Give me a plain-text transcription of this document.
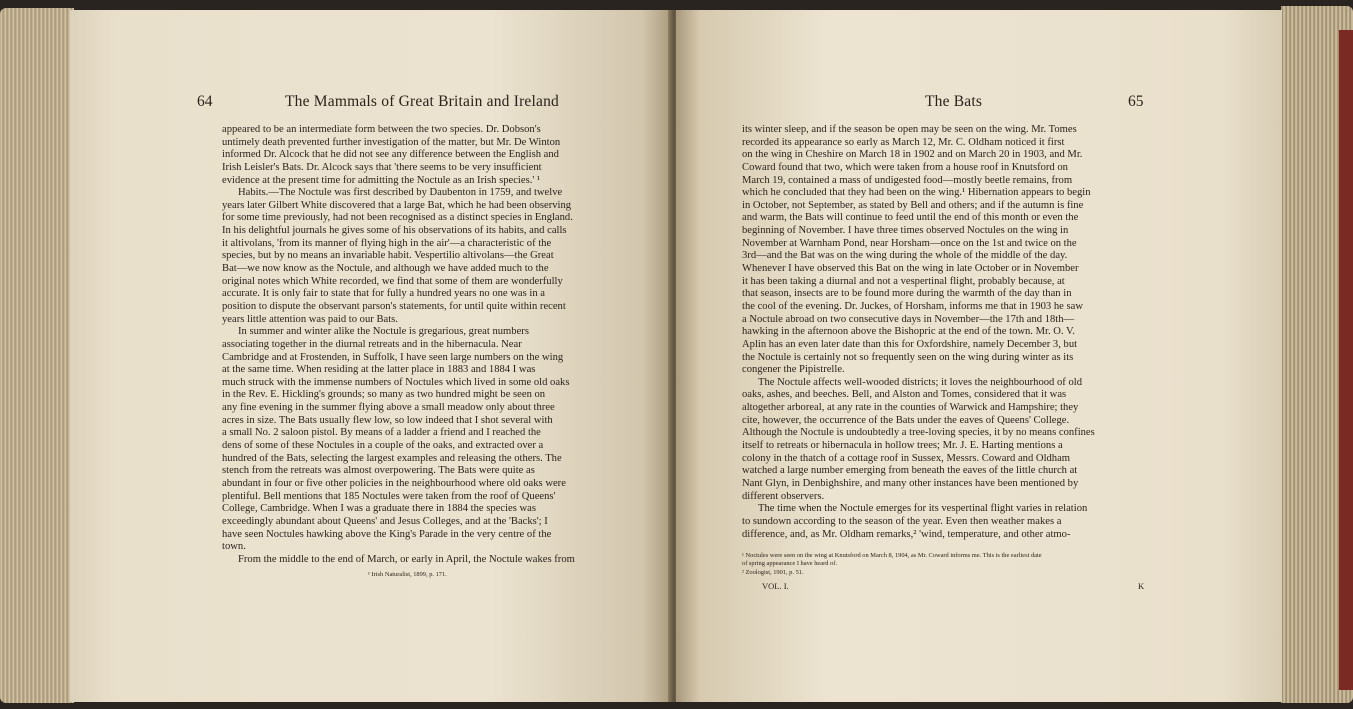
64	The Mammals of Great Britain and Ireland
appeared to be an intermediate form between the two species. Dr. Dobson's
untimely death prevented further investigation of the matter, but Mr. De Winton
informed Dr. Alcock that he did not see any difference between the English and
Irish Leisler's Bats. Dr. Alcock says that 'there seems to be very insufficient
evidence at the present time for admitting the Noctule as an Irish species.' ¹
Habits.—The Noctule was first described by Daubenton in 1759, and twelve
years later Gilbert White discovered that a large Bat, which he had been observing
for some time previously, had not been recognised as a distinct species in England.
In his delightful journals he gives some of his observations of its habits, and calls
it altivolans, 'from its manner of flying high in the air'—a characteristic of the
species, but by no means an invariable habit. Vespertilio altivolans—the Great
Bat—we now know as the Noctule, and although we have added much to the
original notes which White recorded, we find that some of them are wonderfully
accurate. It is only fair to state that for fully a hundred years no one was in a
position to dispute the observant parson's statements, for until quite within recent
years little attention was paid to our Bats.
In summer and winter alike the Noctule is gregarious, great numbers
associating together in the diurnal retreats and in the hibernacula. Near
Cambridge and at Frostenden, in Suffolk, I have seen large numbers on the wing
at the same time. When residing at the latter place in 1883 and 1884 I was
much struck with the immense numbers of Noctules which lived in some old oaks
in the Rev. E. Hickling's grounds; so many as two hundred might be seen on
any fine evening in the summer flying above a small meadow only about three
acres in size. The Bats usually flew low, so low indeed that I shot several with
a small No. 2 saloon pistol. By means of a ladder a friend and I reached the
dens of some of these Noctules in a couple of the oaks, and extracted over a
hundred of the Bats, selecting the largest examples and releasing the others. The
stench from the retreats was almost overpowering. The Bats were quite as
abundant in four or five other policies in the neighbourhood where old oaks were
plentiful. Bell mentions that 185 Noctules were taken from the roof of Queens'
College, Cambridge. When I was a graduate there in 1884 the species was
exceedingly abundant about Queens' and Jesus Colleges, and at the 'Backs'; I
have seen Noctules hawking above the King's Parade in the very centre of the
town.
From the middle to the end of March, or early in April, the Noctule wakes from
¹ Irish Naturalist, 1899, p. 171.
The Bats	65
its winter sleep, and if the season be open may be seen on the wing. Mr. Tomes
recorded its appearance so early as March 12, Mr. C. Oldham noticed it first
on the wing in Cheshire on March 18 in 1902 and on March 20 in 1903, and Mr.
Coward found that two, which were taken from a house roof in Knutsford on
March 19, contained a mass of undigested food—mostly beetle remains, from
which he concluded that they had been on the wing.¹ Hibernation appears to begin
in October, not September, as stated by Bell and others; and if the autumn is fine
and warm, the Bats will continue to feed until the end of this month or even the
beginning of November. I have three times observed Noctules on the wing in
November at Warnham Pond, near Horsham—once on the 1st and twice on the
3rd—and the Bat was on the wing during the whole of the middle of the day.
Whenever I have observed this Bat on the wing in late October or in November
it has been taking a diurnal and not a vespertinal flight, probably because, at
that season, insects are to be found more during the warmth of the day than in
the cool of the evening. Dr. Juckes, of Horsham, informs me that in 1903 he saw
a Noctule abroad on two consecutive days in November—the 17th and 18th—
hawking in the afternoon above the Bishopric at the end of the town. Mr. O. V.
Aplin has an even later date than this for Oxfordshire, namely December 3, but
the Noctule is certainly not so frequently seen on the wing during winter as its
congener the Pipistrelle.
The Noctule affects well-wooded districts; it loves the neighbourhood of old
oaks, ashes, and beeches. Bell, and Alston and Tomes, considered that it was
altogether arboreal, at any rate in the counties of Warwick and Hampshire; they
cite, however, the occurrence of the Bats under the eaves of Queens' College.
Although the Noctule is undoubtedly a tree-loving species, it by no means confines
itself to retreats or hibernacula in hollow trees; Mr. J. E. Harting mentions a
colony in the thatch of a cottage roof in Sussex, Messrs. Coward and Oldham
watched a large number emerging from beneath the eaves of the little church at
Nant Glyn, in Denbighshire, and many other instances have been mentioned by
different observers.
The time when the Noctule emerges for its vespertinal flight varies in relation
to sundown according to the season of the year. Even then weather makes a
difference, and, as Mr. Oldham remarks,² 'wind, temperature, and other atmo-
¹ Noctules were seen on the wing at Knutsford on March 8, 1904, as Mr. Coward informs me. This is the earliest date
of spring appearance I have heard of.
² Zoologist, 1901, p. 51.
VOL. I.	K
